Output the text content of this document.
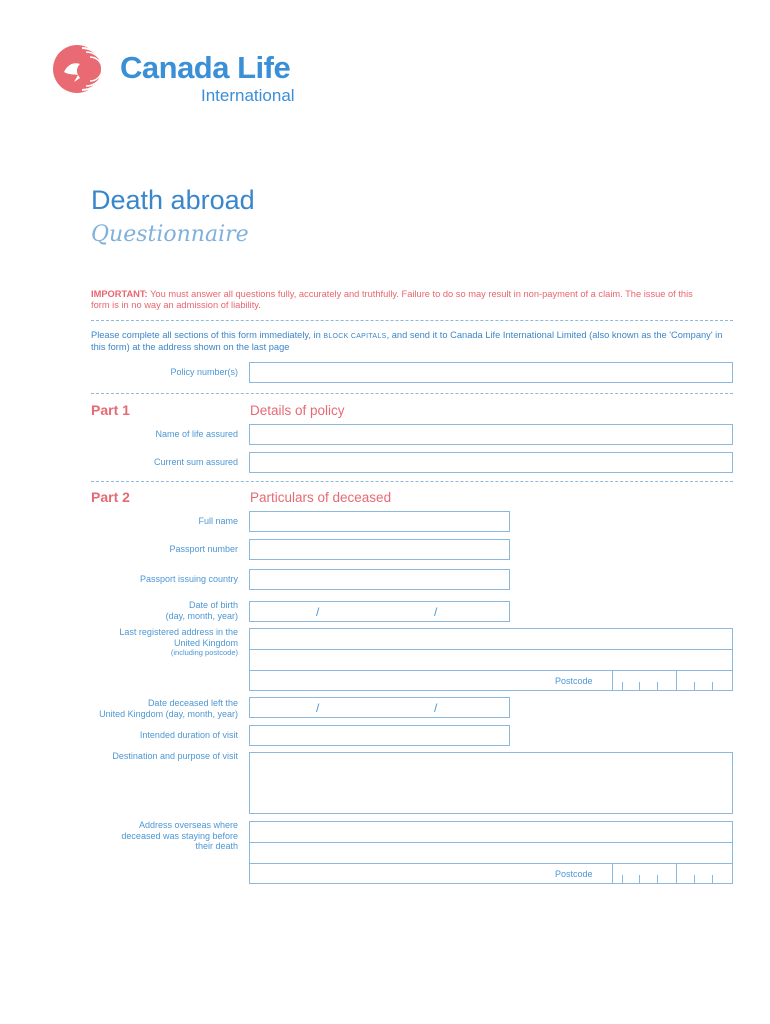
Canada Life
International
Death abroad
Questionnaire
IMPORTANT: You must answer all questions fully, accurately and truthfully. Failure to do so may result in non-payment of a claim. The issue of this form is in no way an admission of liability.
Please complete all sections of this form immediately, in BLOCK CAPITALS, and send it to Canada Life International Limited (also known as the 'Company' in this form) at the address shown on the last page
Policy number(s)
Part 1	Details of policy
Name of life assured
Current sum assured
Part 2	Particulars of deceased
Full name
Passport number
Passport issuing country
Date of birth
(day, month, year)	/	/
Last registered address in the
United Kingdom
(including postcode)
Postcode
Date deceased left the
United Kingdom (day, month, year)	/	/
Intended duration of visit
Destination and purpose of visit
Address overseas where
deceased was staying before
their death
Postcode
